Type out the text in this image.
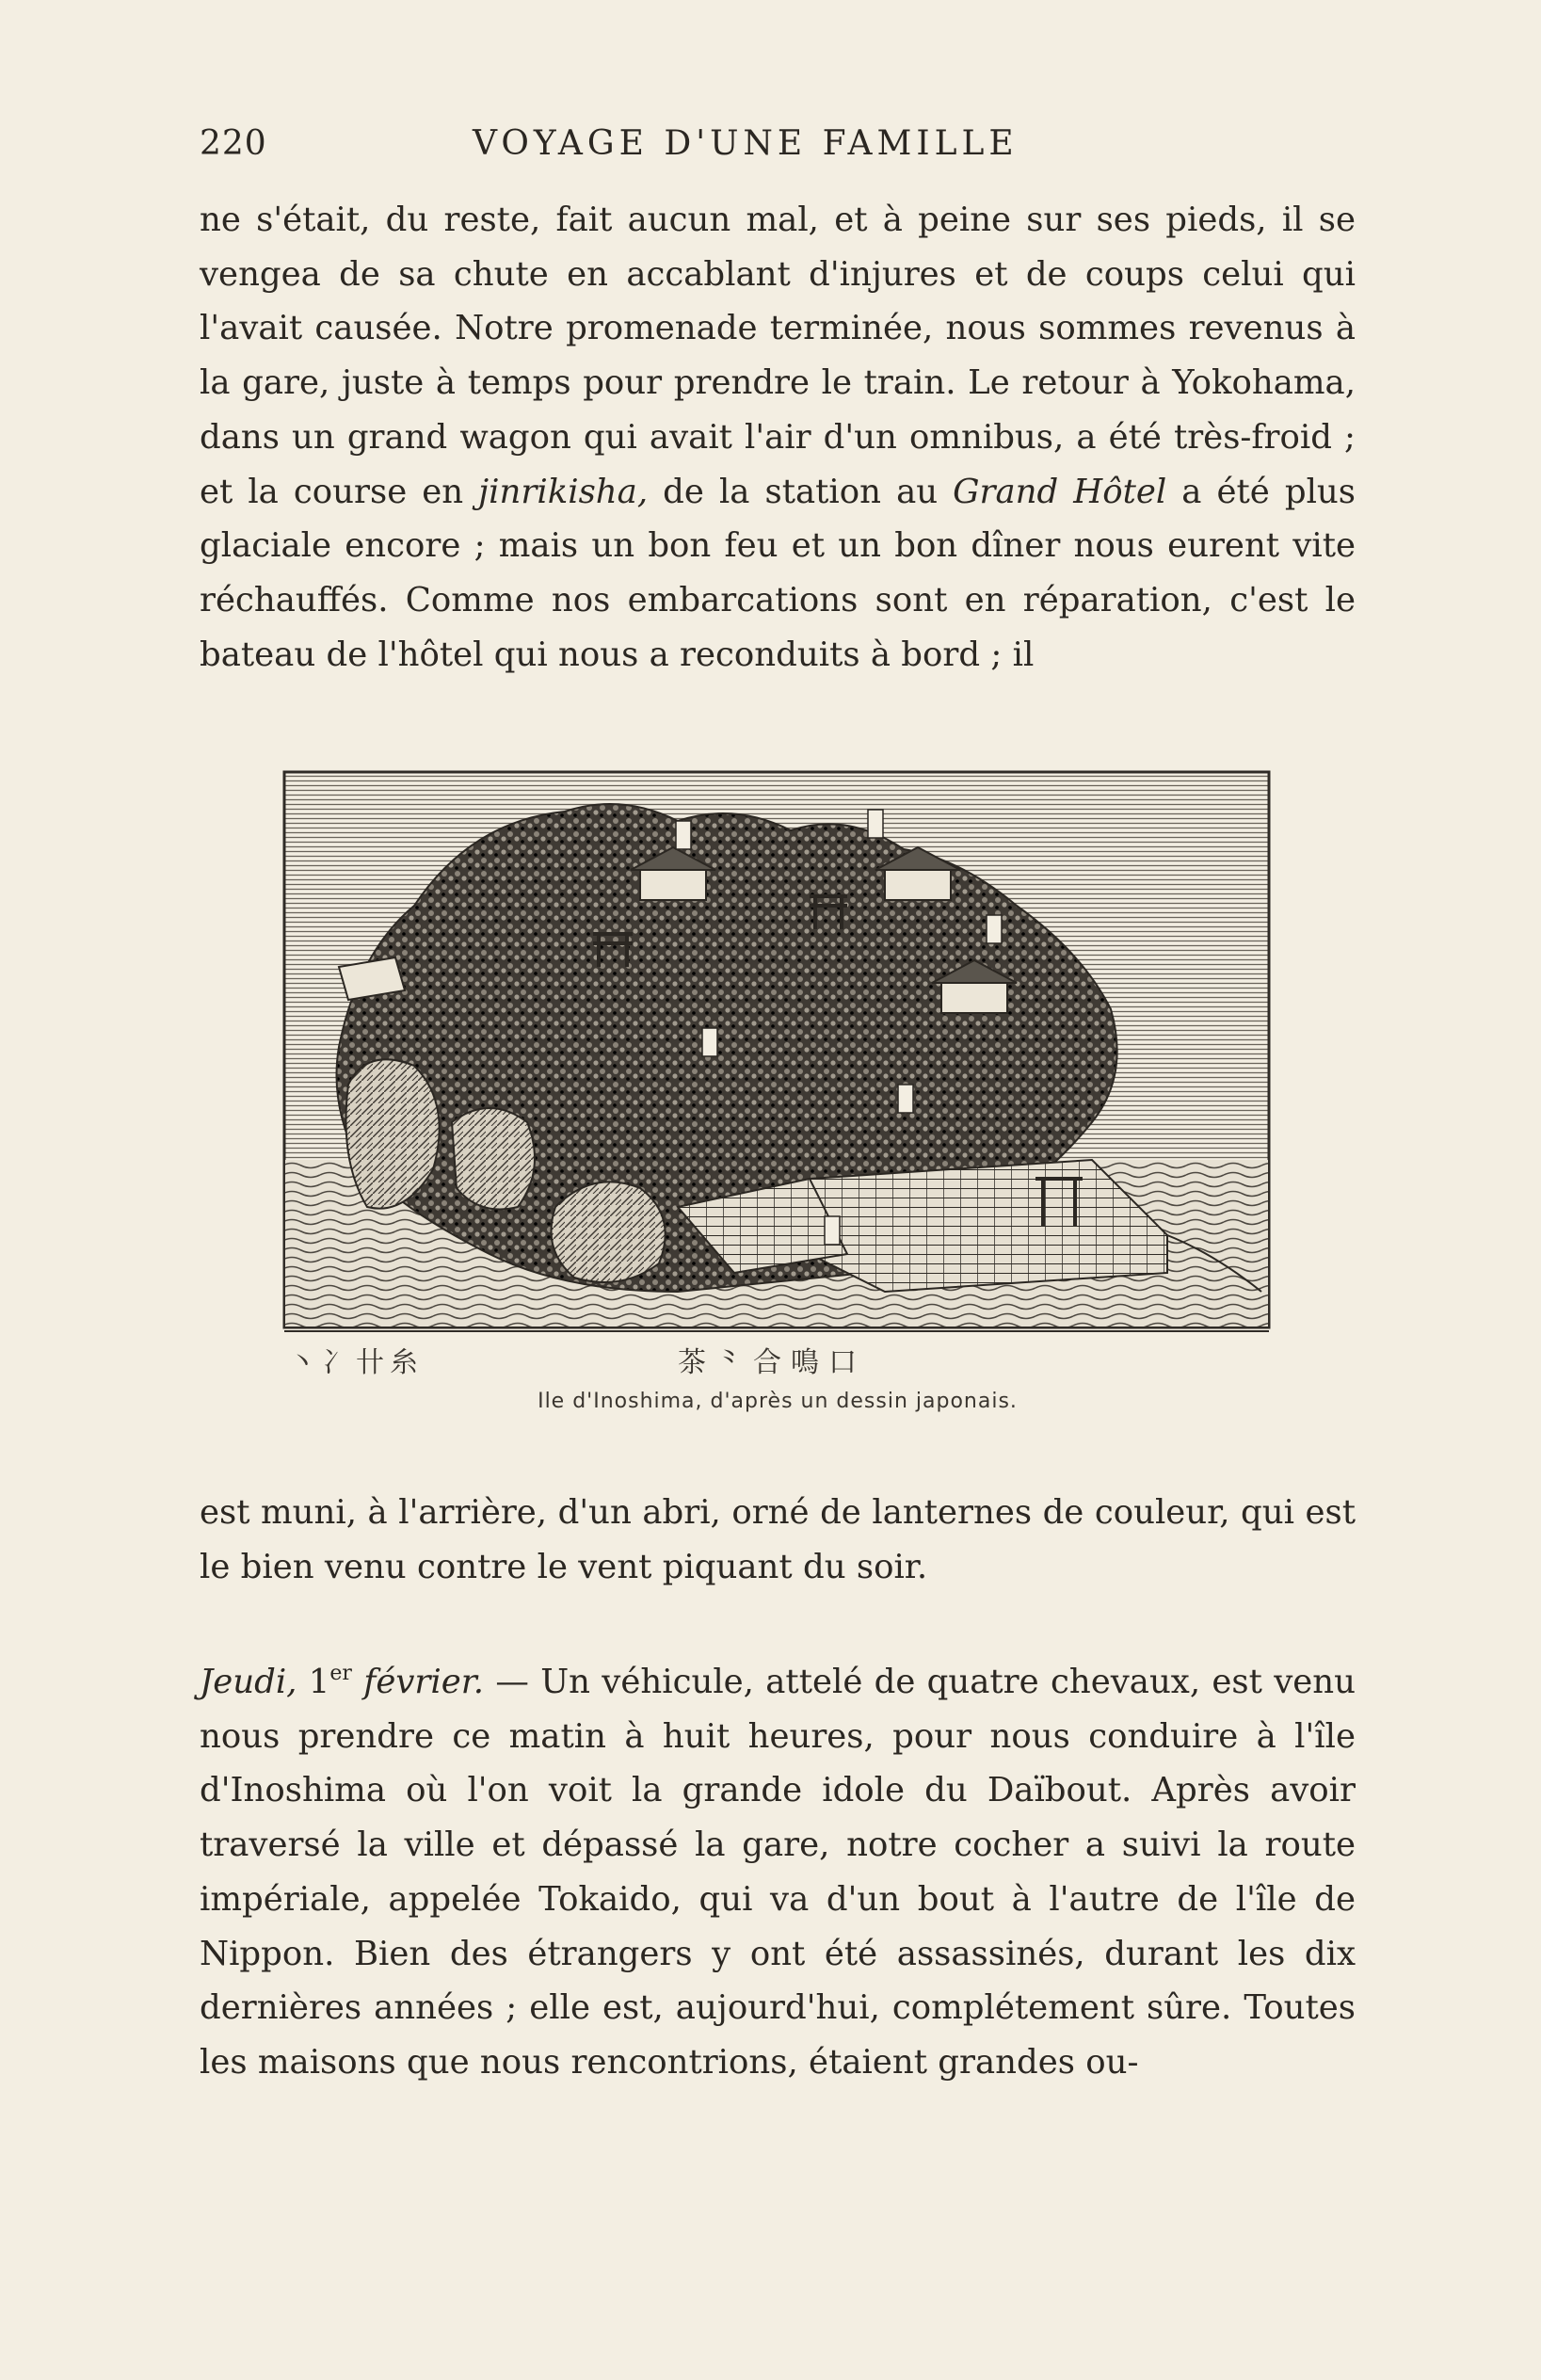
220	VOYAGE D'UNE FAMILLE

ne s'était, du reste, fait aucun mal, et à peine sur ses pieds, il se vengea de sa chute en accablant d'injures et de coups celui qui l'avait causée. Notre promenade terminée, nous sommes revenus à la gare, juste à temps pour prendre le train. Le retour à Yokohama, dans un grand wagon qui avait l'air d'un omnibus, a été très-froid ; et la course en jinrikisha, de la station au Grand Hôtel a été plus glaciale encore ; mais un bon feu et un bon dîner nous eurent vite réchauffés. Comme nos embarcations sont en réparation, c'est le bateau de l'hôtel qui nous a reconduits à bord ; il

丶冫卄糸	茶⺀合鳴口
Ile d'Inoshima, d'après un dessin japonais.

est muni, à l'arrière, d'un abri, orné de lanternes de couleur, qui est le bien venu contre le vent piquant du soir.

Jeudi, 1er février. — Un véhicule, attelé de quatre chevaux, est venu nous prendre ce matin à huit heures, pour nous conduire à l'île d'Inoshima où l'on voit la grande idole du Daïbout. Après avoir traversé la ville et dépassé la gare, notre cocher a suivi la route impériale, appelée Tokaido, qui va d'un bout à l'autre de l'île de Nippon. Bien des étrangers y ont été assassinés, durant les dix dernières années ; elle est, aujourd'hui, complétement sûre. Toutes les maisons que nous rencontrions, étaient grandes ou-
